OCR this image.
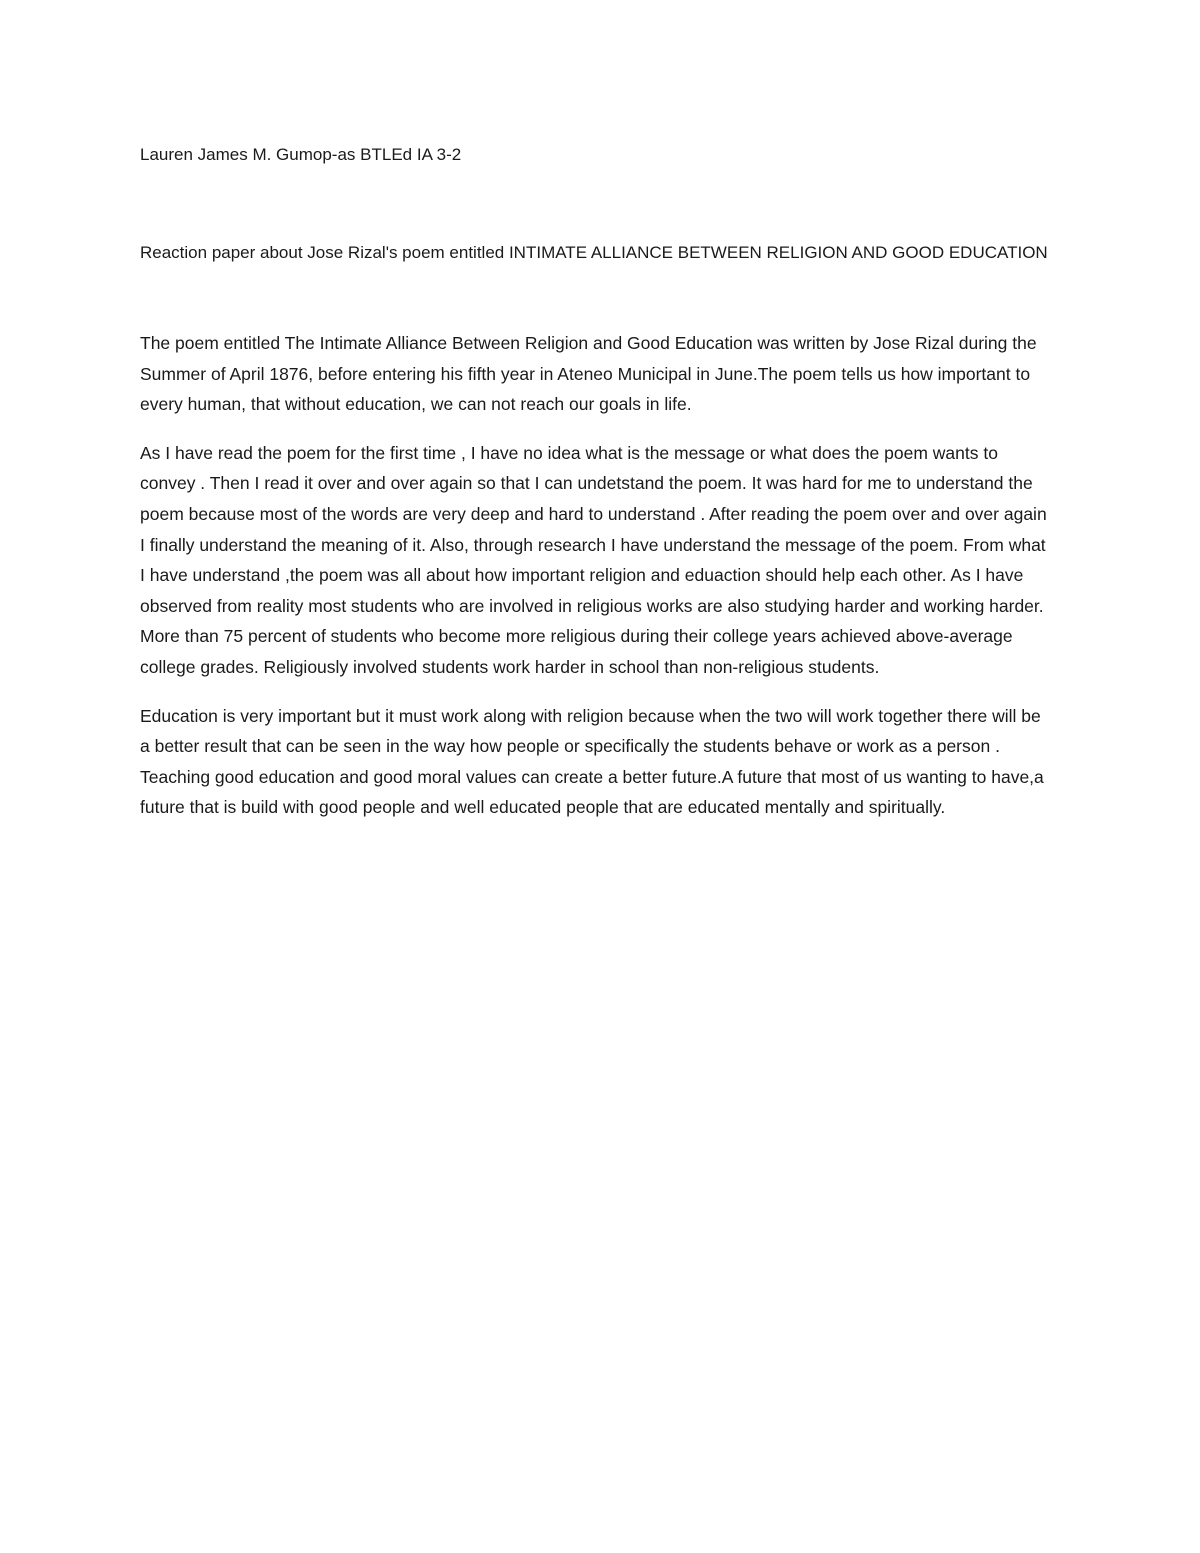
Lauren James M. Gumop-as BTLEd IA 3-2

Reaction paper about Jose Rizal's poem entitled INTIMATE ALLIANCE BETWEEN RELIGION AND GOOD EDUCATION

The poem entitled The Intimate Alliance Between Religion and Good Education was written by Jose Rizal during the Summer of April 1876, before entering his fifth year in Ateneo Municipal in June.The poem tells us how important to every human, that without education, we can not reach our goals in life.

As I have read the poem for the first time , I have no idea what is the message or what does the poem wants to convey . Then I read it over and over again so that I can undetstand the poem. It was hard for me to understand the poem because most of the words are very deep and hard to understand . After reading the poem over and over again I finally understand the meaning of it. Also, through research I have understand the message of the poem. From what I have understand ,the poem was all about how important religion and eduaction should help each other. As I have observed from reality most students who are involved in religious works are also studying harder and working harder. More than 75 percent of students who become more religious during their college years achieved above-average college grades. Religiously involved students work harder in school than non-religious students.

Education is very important but it must work along with religion because when the two will work together there will be a better result that can be seen in the way how people or specifically the students behave or work as a person . Teaching good education and good moral values can create a better future.A future that most of us wanting to have,a future that is build with good people and well educated people that are educated mentally and spiritually.
